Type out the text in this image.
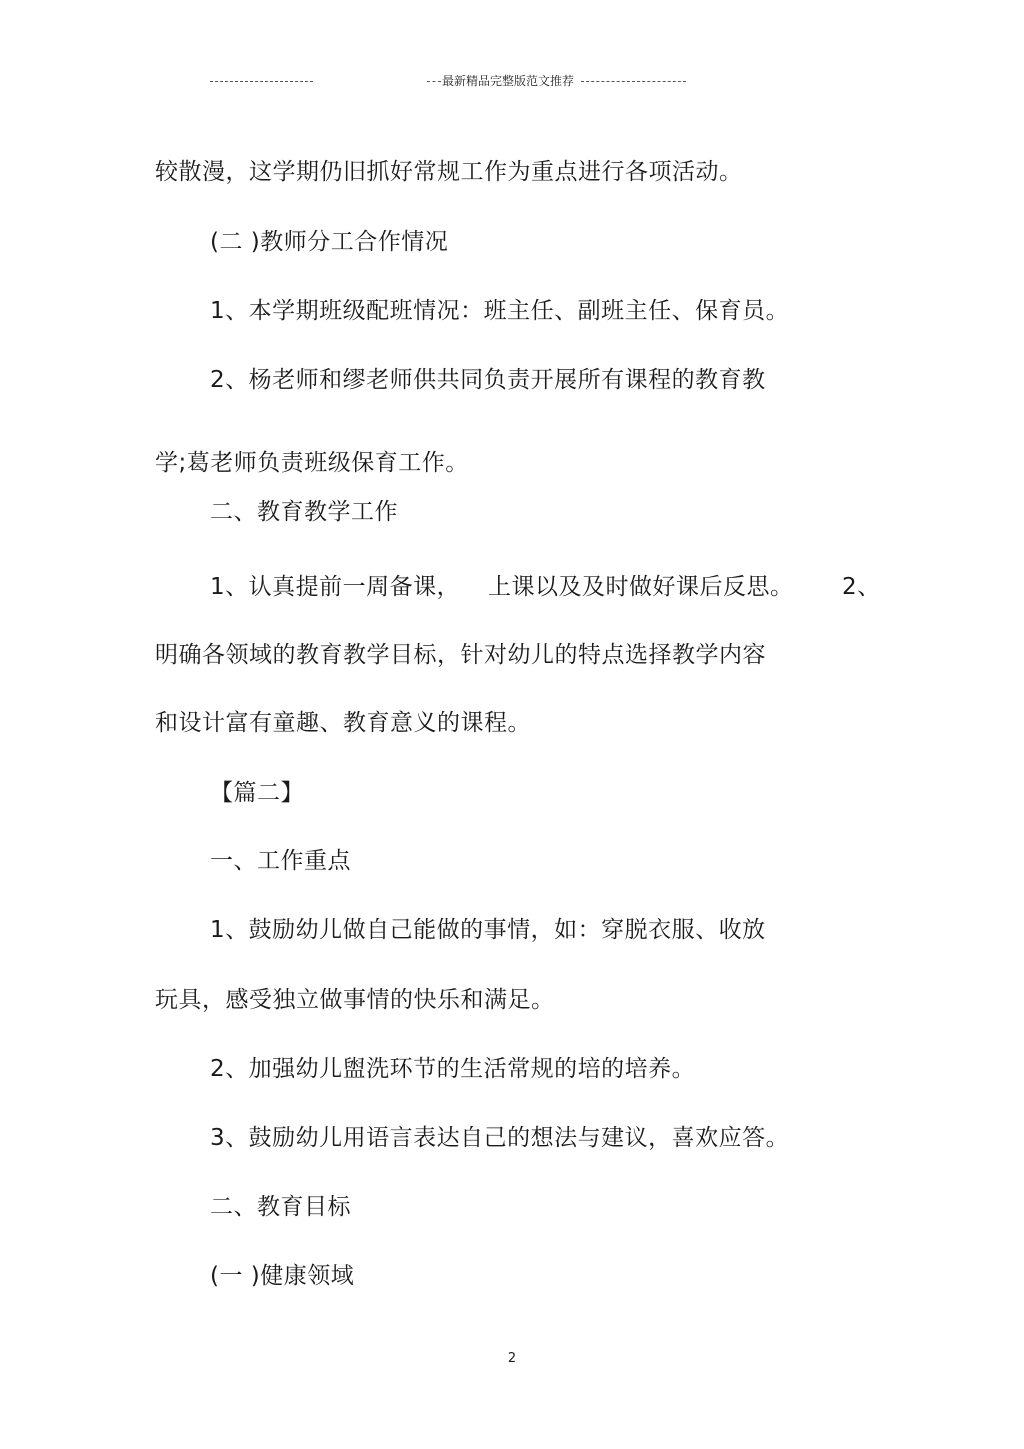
最新精品完整版范文推荐
较散漫，这学期仍旧抓好常规工作为重点进行各项活动。
(二 )教师分工合作情况
1、本学期班级配班情况：班主任、副班主任、保育员。
2、杨老师和缪老师供共同负责开展所有课程的教育教
学;葛老师负责班级保育工作。
二、教育教学工作
1、认真提前一周备课， 上课以及及时做好课后反思。 2、
明确各领域的教育教学目标，针对幼儿的特点选择教学内容
和设计富有童趣、教育意义的课程。
【篇二】
一、工作重点
1、鼓励幼儿做自己能做的事情，如：穿脱衣服、收放
玩具，感受独立做事情的快乐和满足。
2、加强幼儿盥洗环节的生活常规的培的培养。
3、鼓励幼儿用语言表达自己的想法与建议，喜欢应答。
二、教育目标
(一 )健康领域
2
